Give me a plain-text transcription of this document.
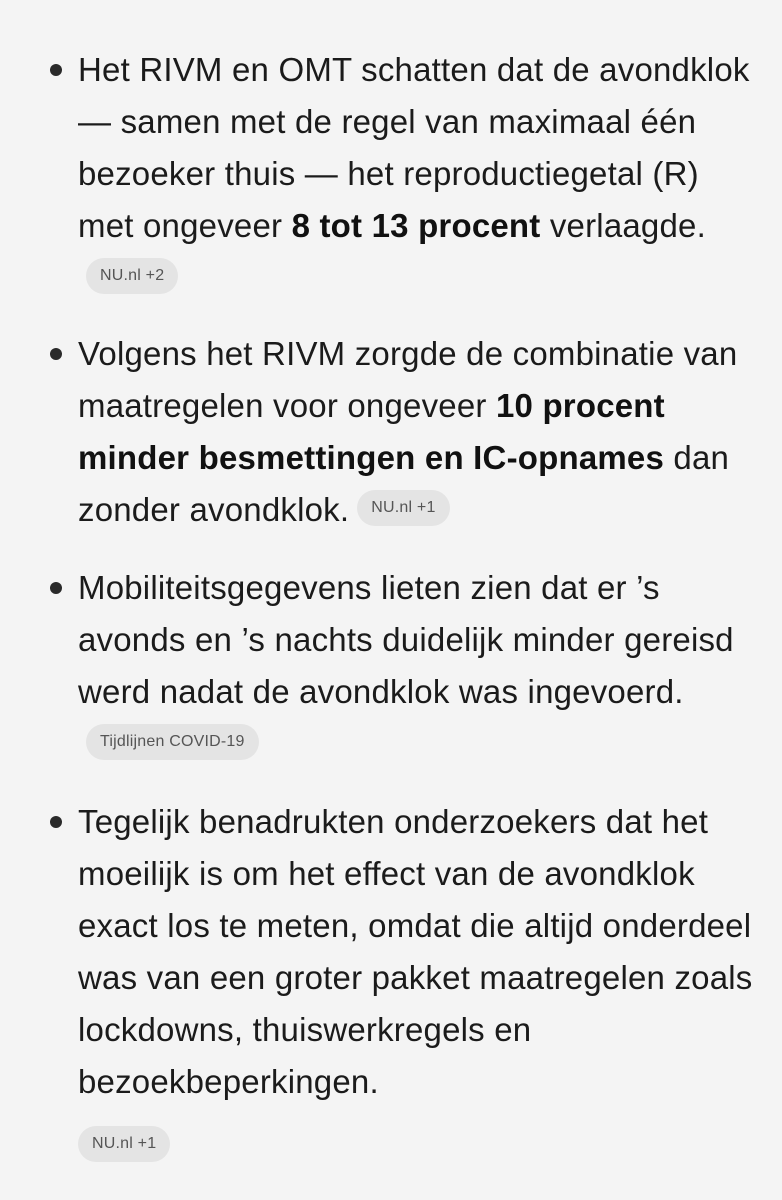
Het RIVM en OMT schatten dat de avondklok — samen met de regel van maximaal één bezoeker thuis — het reproductiegetal (R) met ongeveer 8 tot 13 procent verlaagde.NU.nl +2
Volgens het RIVM zorgde de combinatie van maatregelen voor ongeveer 10 procent minder besmettingen en IC-opnames dan zonder avondklok. NU.nl +1
Mobiliteitsgegevens lieten zien dat er ’s avonds en ’s nachts duidelijk minder gereisd werd nadat de avondklok was ingevoerd.Tijdlijnen COVID-19
Tegelijk benadrukten onderzoekers dat het moeilijk is om het effect van de avondklok exact los te meten, omdat die altijd onderdeel was van een groter pakket maatregelen zoals lockdowns, thuiswerkregels en bezoekbeperkingen.
NU.nl +1
